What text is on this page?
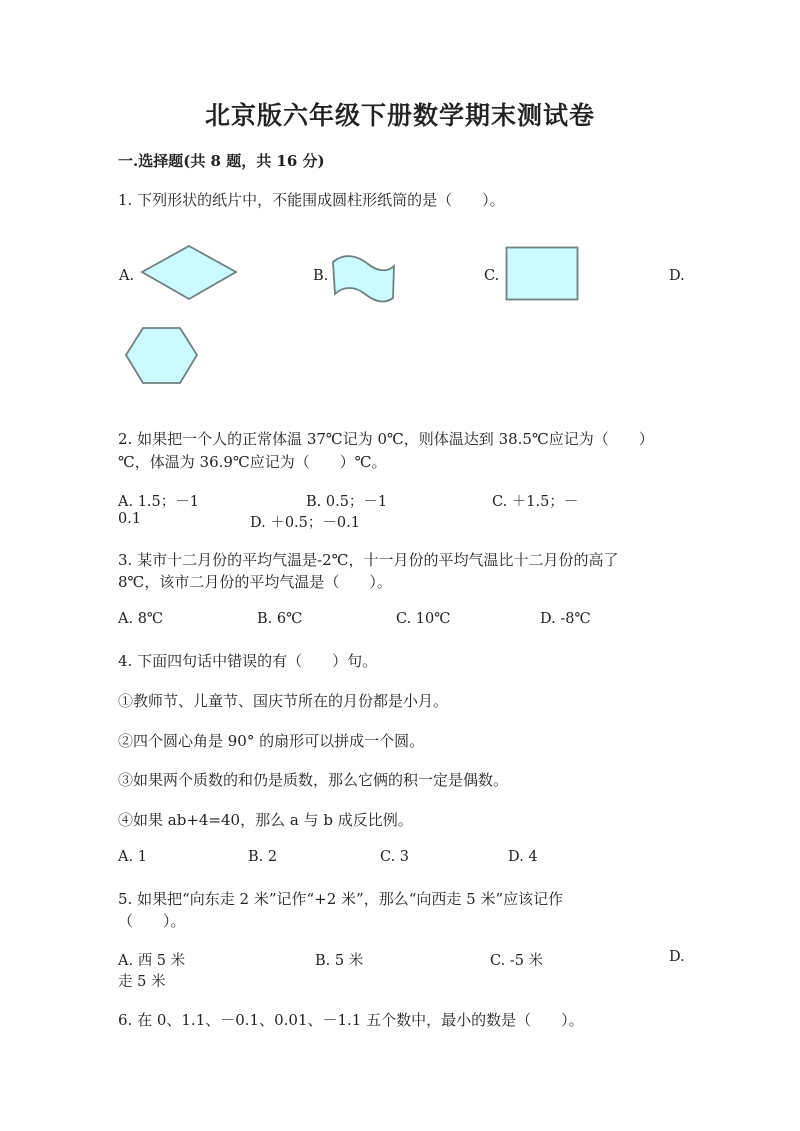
北京版六年级下册数学期末测试卷
一.选择题(共 8 题，共 16 分)
1. 下列形状的纸片中，不能围成圆柱形纸筒的是（　　）。
A.	B.	C.	D.
2. 如果把一个人的正常体温 37℃记为 0℃，则体温达到 38.5℃应记为（　　）
℃，体温为 36.9℃应记为（　　）℃。
A. 1.5；－1	B. 0.5；－1	C. ＋1.5；－
0.1	D. ＋0.5；－0.1
3. 某市十二月份的平均气温是-2℃，十一月份的平均气温比十二月份的高了
8℃，该市二月份的平均气温是（　　）。
A. 8℃	B. 6℃	C. 10℃	D. -8℃
4. 下面四句话中错误的有（　　）句。
①教师节、儿童节、国庆节所在的月份都是小月。
②四个圆心角是 90° 的扇形可以拼成一个圆。
③如果两个质数的和仍是质数，那么它俩的积一定是偶数。
④如果 ab+4=40，那么 a 与 b 成反比例。
A. 1	B. 2	C. 3	D. 4
5. 如果把“向东走 2 米”记作“+2 米”，那么“向西走 5 米”应该记作
（　　）。
A. 西 5 米	B. 5 米	C. -5 米	D.
走 5 米
6. 在 0、1.1、－0.1、0.01、－1.1 五个数中，最小的数是（　　）。
